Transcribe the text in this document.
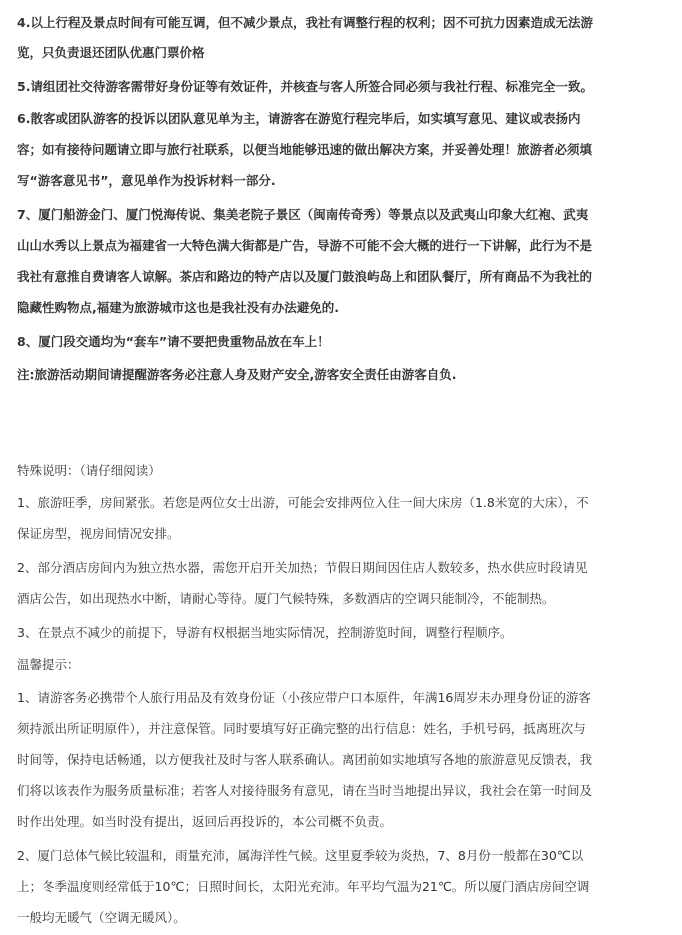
4.以上行程及景点时间有可能互调，但不减少景点，我社有调整行程的权利；因不可抗力因素造成无法游
览，只负责退还团队优惠门票价格
5.请组团社交待游客需带好身份证等有效证件，并核查与客人所签合同必须与我社行程、标准完全一致。
6.散客或团队游客的投诉以团队意见单为主，请游客在游览行程完毕后，如实填写意见、建议或表扬内
容；如有接待问题请立即与旅行社联系，以便当地能够迅速的做出解决方案，并妥善处理！旅游者必须填
写“游客意见书”，意见单作为投诉材料一部分.
7、厦门船游金门、厦门悦海传说、集美老院子景区（闽南传奇秀）等景点以及武夷山印象大红袍、武夷
山山水秀以上景点为福建省一大特色满大街都是广告，导游不可能不会大概的进行一下讲解，此行为不是
我社有意推自费请客人谅解。茶店和路边的特产店以及厦门鼓浪屿岛上和团队餐厅，所有商品不为我社的
隐藏性购物点,福建为旅游城市这也是我社没有办法避免的.
8、厦门段交通均为“套车”请不要把贵重物品放在车上！
注:旅游活动期间请提醒游客务必注意人身及财产安全,游客安全责任由游客自负.
特殊说明：（请仔细阅读）
1、旅游旺季，房间紧张。若您是两位女士出游，可能会安排两位入住一间大床房（1.8米宽的大床），不
保证房型，视房间情况安排。
2、部分酒店房间内为独立热水器，需您开启开关加热；节假日期间因住店人数较多，热水供应时段请见
酒店公告，如出现热水中断，请耐心等待。厦门气候特殊，多数酒店的空调只能制冷，不能制热。
3、在景点不减少的前提下，导游有权根据当地实际情况，控制游览时间，调整行程顺序。
温馨提示：
1、请游客务必携带个人旅行用品及有效身份证（小孩应带户口本原件，年满16周岁未办理身份证的游客
须持派出所证明原件），并注意保管。同时要填写好正确完整的出行信息：姓名，手机号码，抵离班次与
时间等，保持电话畅通，以方便我社及时与客人联系确认。离团前如实地填写各地的旅游意见反馈表，我
们将以该表作为服务质量标准；若客人对接待服务有意见，请在当时当地提出异议，我社会在第一时间及
时作出处理。如当时没有提出，返回后再投诉的，本公司概不负责。
2、厦门总体气候比较温和，雨量充沛，属海洋性气候。这里夏季较为炎热，7、8月份一般都在30℃以
上；冬季温度则经常低于10℃；日照时间长，太阳光充沛。年平均气温为21℃。所以厦门酒店房间空调
一般均无暖气（空调无暖风）。
